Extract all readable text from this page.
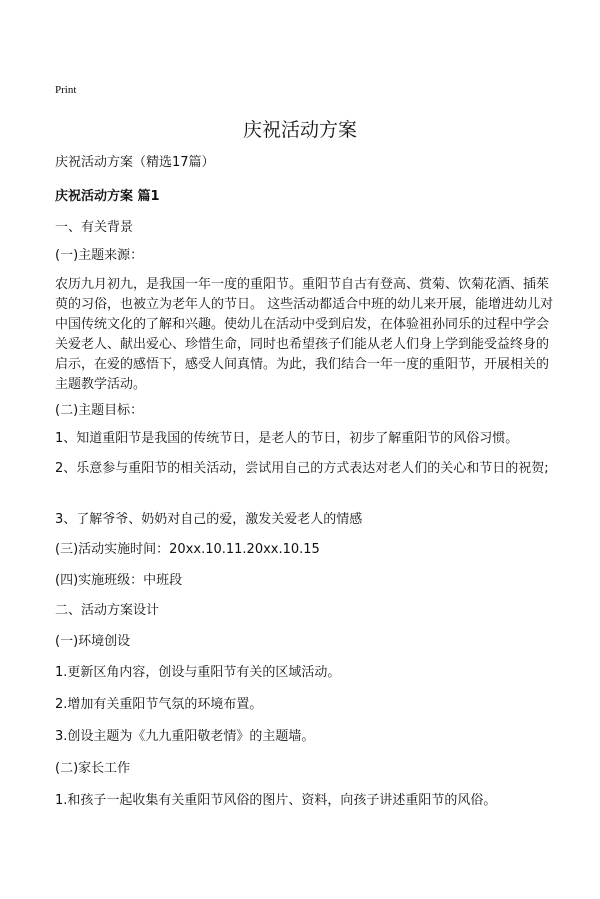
Print
庆祝活动方案
庆祝活动方案（精选17篇）
庆祝活动方案 篇1
一、有关背景
(一)主题来源：
农历九月初九，是我国一年一度的重阳节。重阳节自古有登高、赏菊、饮菊花酒、插茱萸的习俗，也被立为老年人的节日。 这些活动都适合中班的幼儿来开展，能增进幼儿对中国传统文化的了解和兴趣。使幼儿在活动中受到启发，在体验祖孙同乐的过程中学会关爱老人、献出爱心、珍惜生命，同时也希望孩子们能从老人们身上学到能受益终身的启示，在爱的感悟下，感受人间真情。为此，我们结合一年一度的重阳节，开展相关的主题教学活动。
(二)主题目标：
1、知道重阳节是我国的传统节日，是老人的节日，初步了解重阳节的风俗习惯。
2、乐意参与重阳节的相关活动，尝试用自己的方式表达对老人们的关心和节日的祝贺;
3、了解爷爷、奶奶对自己的爱，激发关爱老人的情感
(三)活动实施时间：20xx.10.11.20xx.10.15
(四)实施班级：中班段
二、活动方案设计
(一)环境创设
1.更新区角内容，创设与重阳节有关的区域活动。
2.增加有关重阳节气氛的环境布置。
3.创设主题为《九九重阳敬老情》的主题墙。
(二)家长工作
1.和孩子一起收集有关重阳节风俗的图片、资料，向孩子讲述重阳节的风俗。
